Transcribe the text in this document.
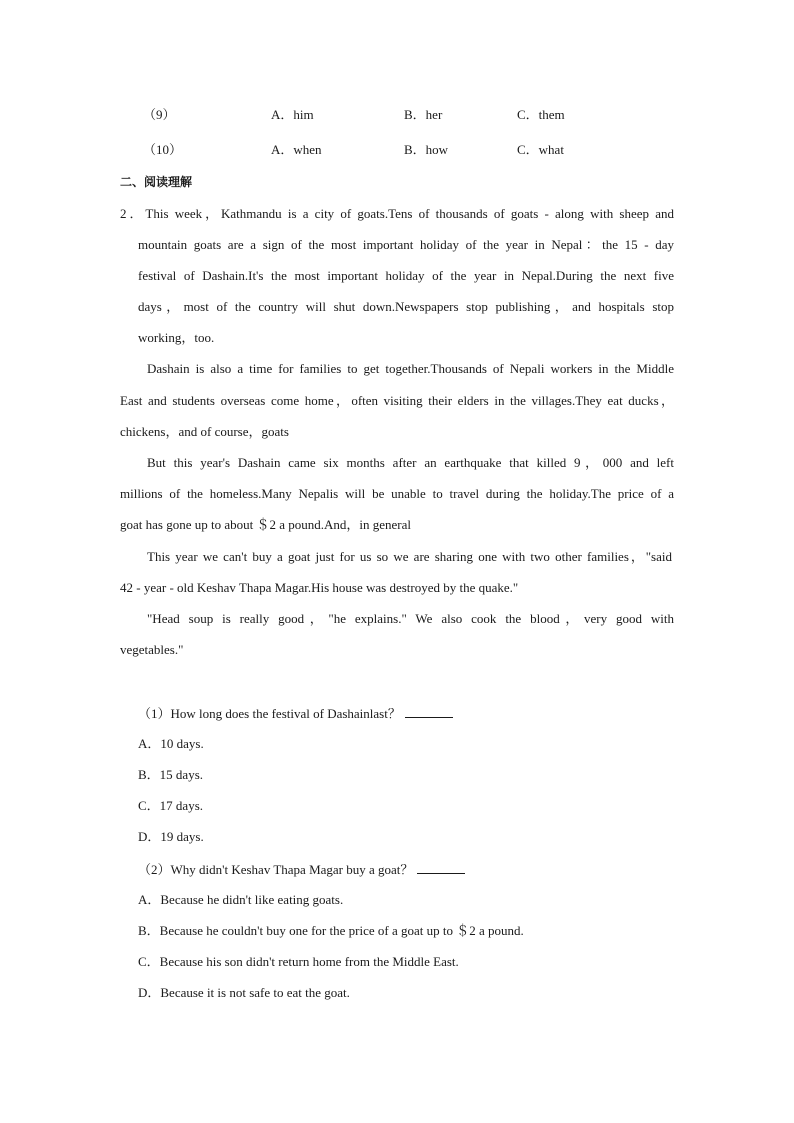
（9）	A．him	B．her	C．them
（10）	A．when	B．how	C．what
二、阅读理解
2．This week，Kathmandu is a city of goats.Tens of thousands of goats - along with sheep and
mountain goats are a sign of the most important holiday of the year in Nepal：the 15 - day
festival of Dashain.It's the most important holiday of the year in Nepal.During the next five
days，most of the country will shut down.Newspapers stop publishing，and hospitals stop
working，too.
Dashain is also a time for families to get together.Thousands of Nepali workers in the Middle
East and students overseas come home，often visiting their elders in the villages.They eat ducks，
chickens，and of course，goats
But this year's Dashain came six months after an earthquake that killed 9，000 and left
millions of the homeless.Many Nepalis will be unable to travel during the holiday.The price of a
goat has gone up to about ＄2 a pound.And，in general
This year we can't buy a goat just for us so we are sharing one with two other families，"said
42 - year - old Keshav Thapa Magar.His house was destroyed by the quake."
"Head soup is really good，"he explains." We also cook the blood，very good with
vegetables."
（1）How long does the festival of Dashainlast？
A．10 days.
B．15 days.
C．17 days.
D．19 days.
（2）Why didn't Keshav Thapa Magar buy a goat？
A．Because he didn't like eating goats.
B．Because he couldn't buy one for the price of a goat up to ＄2 a pound.
C．Because his son didn't return home from the Middle East.
D．Because it is not safe to eat the goat.
